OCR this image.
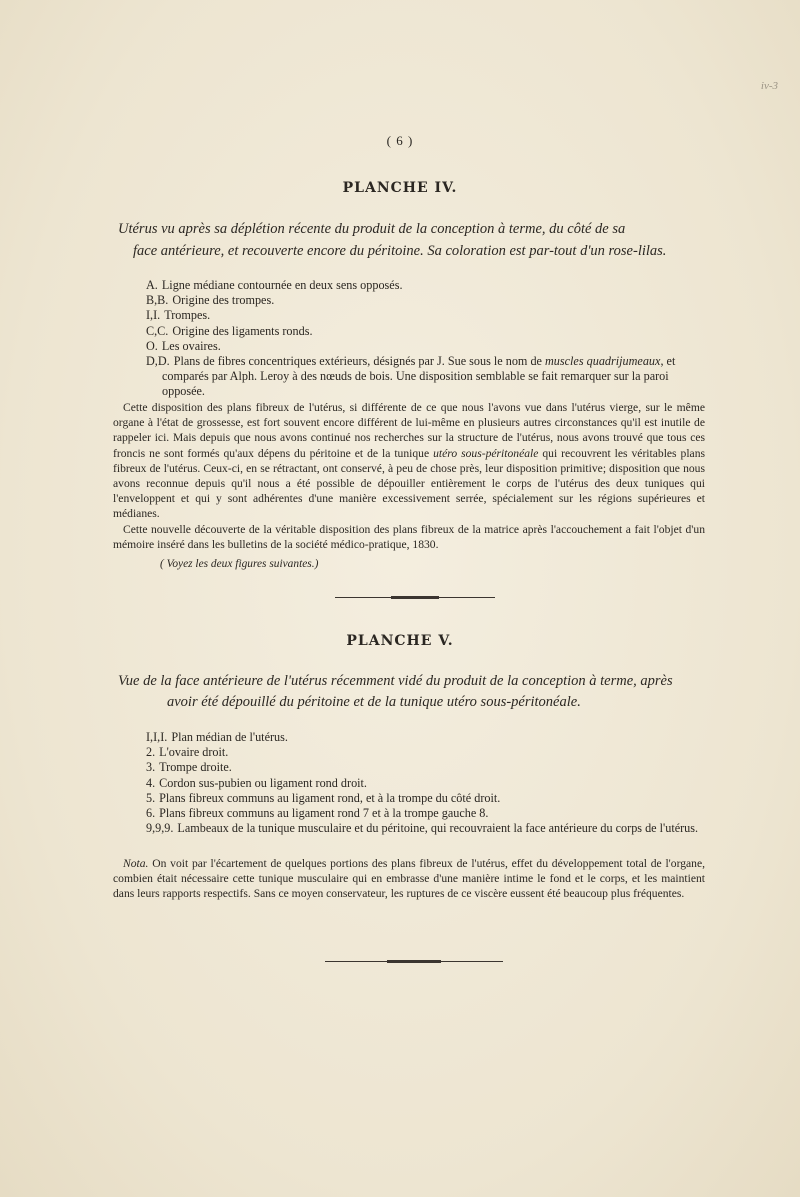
iv-3
( 6 )
PLANCHE IV.
Utérus vu après sa déplétion récente du produit de la conception à terme, du côté de sa
face antérieure, et recouverte encore du péritoine. Sa coloration est par-tout d'un rose-lilas.
A. Ligne médiane contournée en deux sens opposés.
B,B. Origine des trompes.
I,I. Trompes.
C,C. Origine des ligaments ronds.
O. Les ovaires.
D,D. Plans de fibres concentriques extérieurs, désignés par J. Sue sous le nom de muscles quadrijumeaux, et comparés par Alph. Leroy à des nœuds de bois. Une disposition semblable se fait remarquer sur la paroi opposée.

Cette disposition des plans fibreux de l'utérus, si différente de ce que nous l'avons vue dans l'utérus vierge, sur le même organe à l'état de grossesse, est fort souvent encore différent de lui-même en plusieurs autres circonstances qu'il est inutile de rappeler ici. Mais depuis que nous avons continué nos recherches sur la structure de l'utérus, nous avons trouvé que tous ces froncis ne sont formés qu'aux dépens du péritoine et de la tunique utéro sous-péritonéale qui recouvrent les véritables plans fibreux de l'utérus. Ceux-ci, en se rétractant, ont conservé, à peu de chose près, leur disposition primitive; disposition que nous avons reconnue depuis qu'il nous a été possible de dépouiller entièrement le corps de l'utérus des deux tuniques qui l'enveloppent et qui y sont adhérentes d'une manière excessivement serrée, spécialement sur les régions supérieures et médianes.

Cette nouvelle découverte de la véritable disposition des plans fibreux de la matrice après l'accouchement a fait l'objet d'un mémoire inséré dans les bulletins de la société médico-pratique, 1830.

( Voyez les deux figures suivantes.)
PLANCHE V.
Vue de la face antérieure de l'utérus récemment vidé du produit de la conception à terme, après
avoir été dépouillé du péritoine et de la tunique utéro sous-péritonéale.
I,I,I. Plan médian de l'utérus.
2. L'ovaire droit.
3. Trompe droite.
4. Cordon sus-pubien ou ligament rond droit.
5. Plans fibreux communs au ligament rond, et à la trompe du côté droit.
6. Plans fibreux communs au ligament rond 7 et à la trompe gauche 8.
9,9,9. Lambeaux de la tunique musculaire et du péritoine, qui recouvraient la face antérieure du corps de l'utérus.

Nota. On voit par l'écartement de quelques portions des plans fibreux de l'utérus, effet du développement total de l'organe, combien était nécessaire cette tunique musculaire qui en embrasse d'une manière intime le fond et le corps, et les maintient dans leurs rapports respectifs. Sans ce moyen conservateur, les ruptures de ce viscère eussent été beaucoup plus fréquentes.
